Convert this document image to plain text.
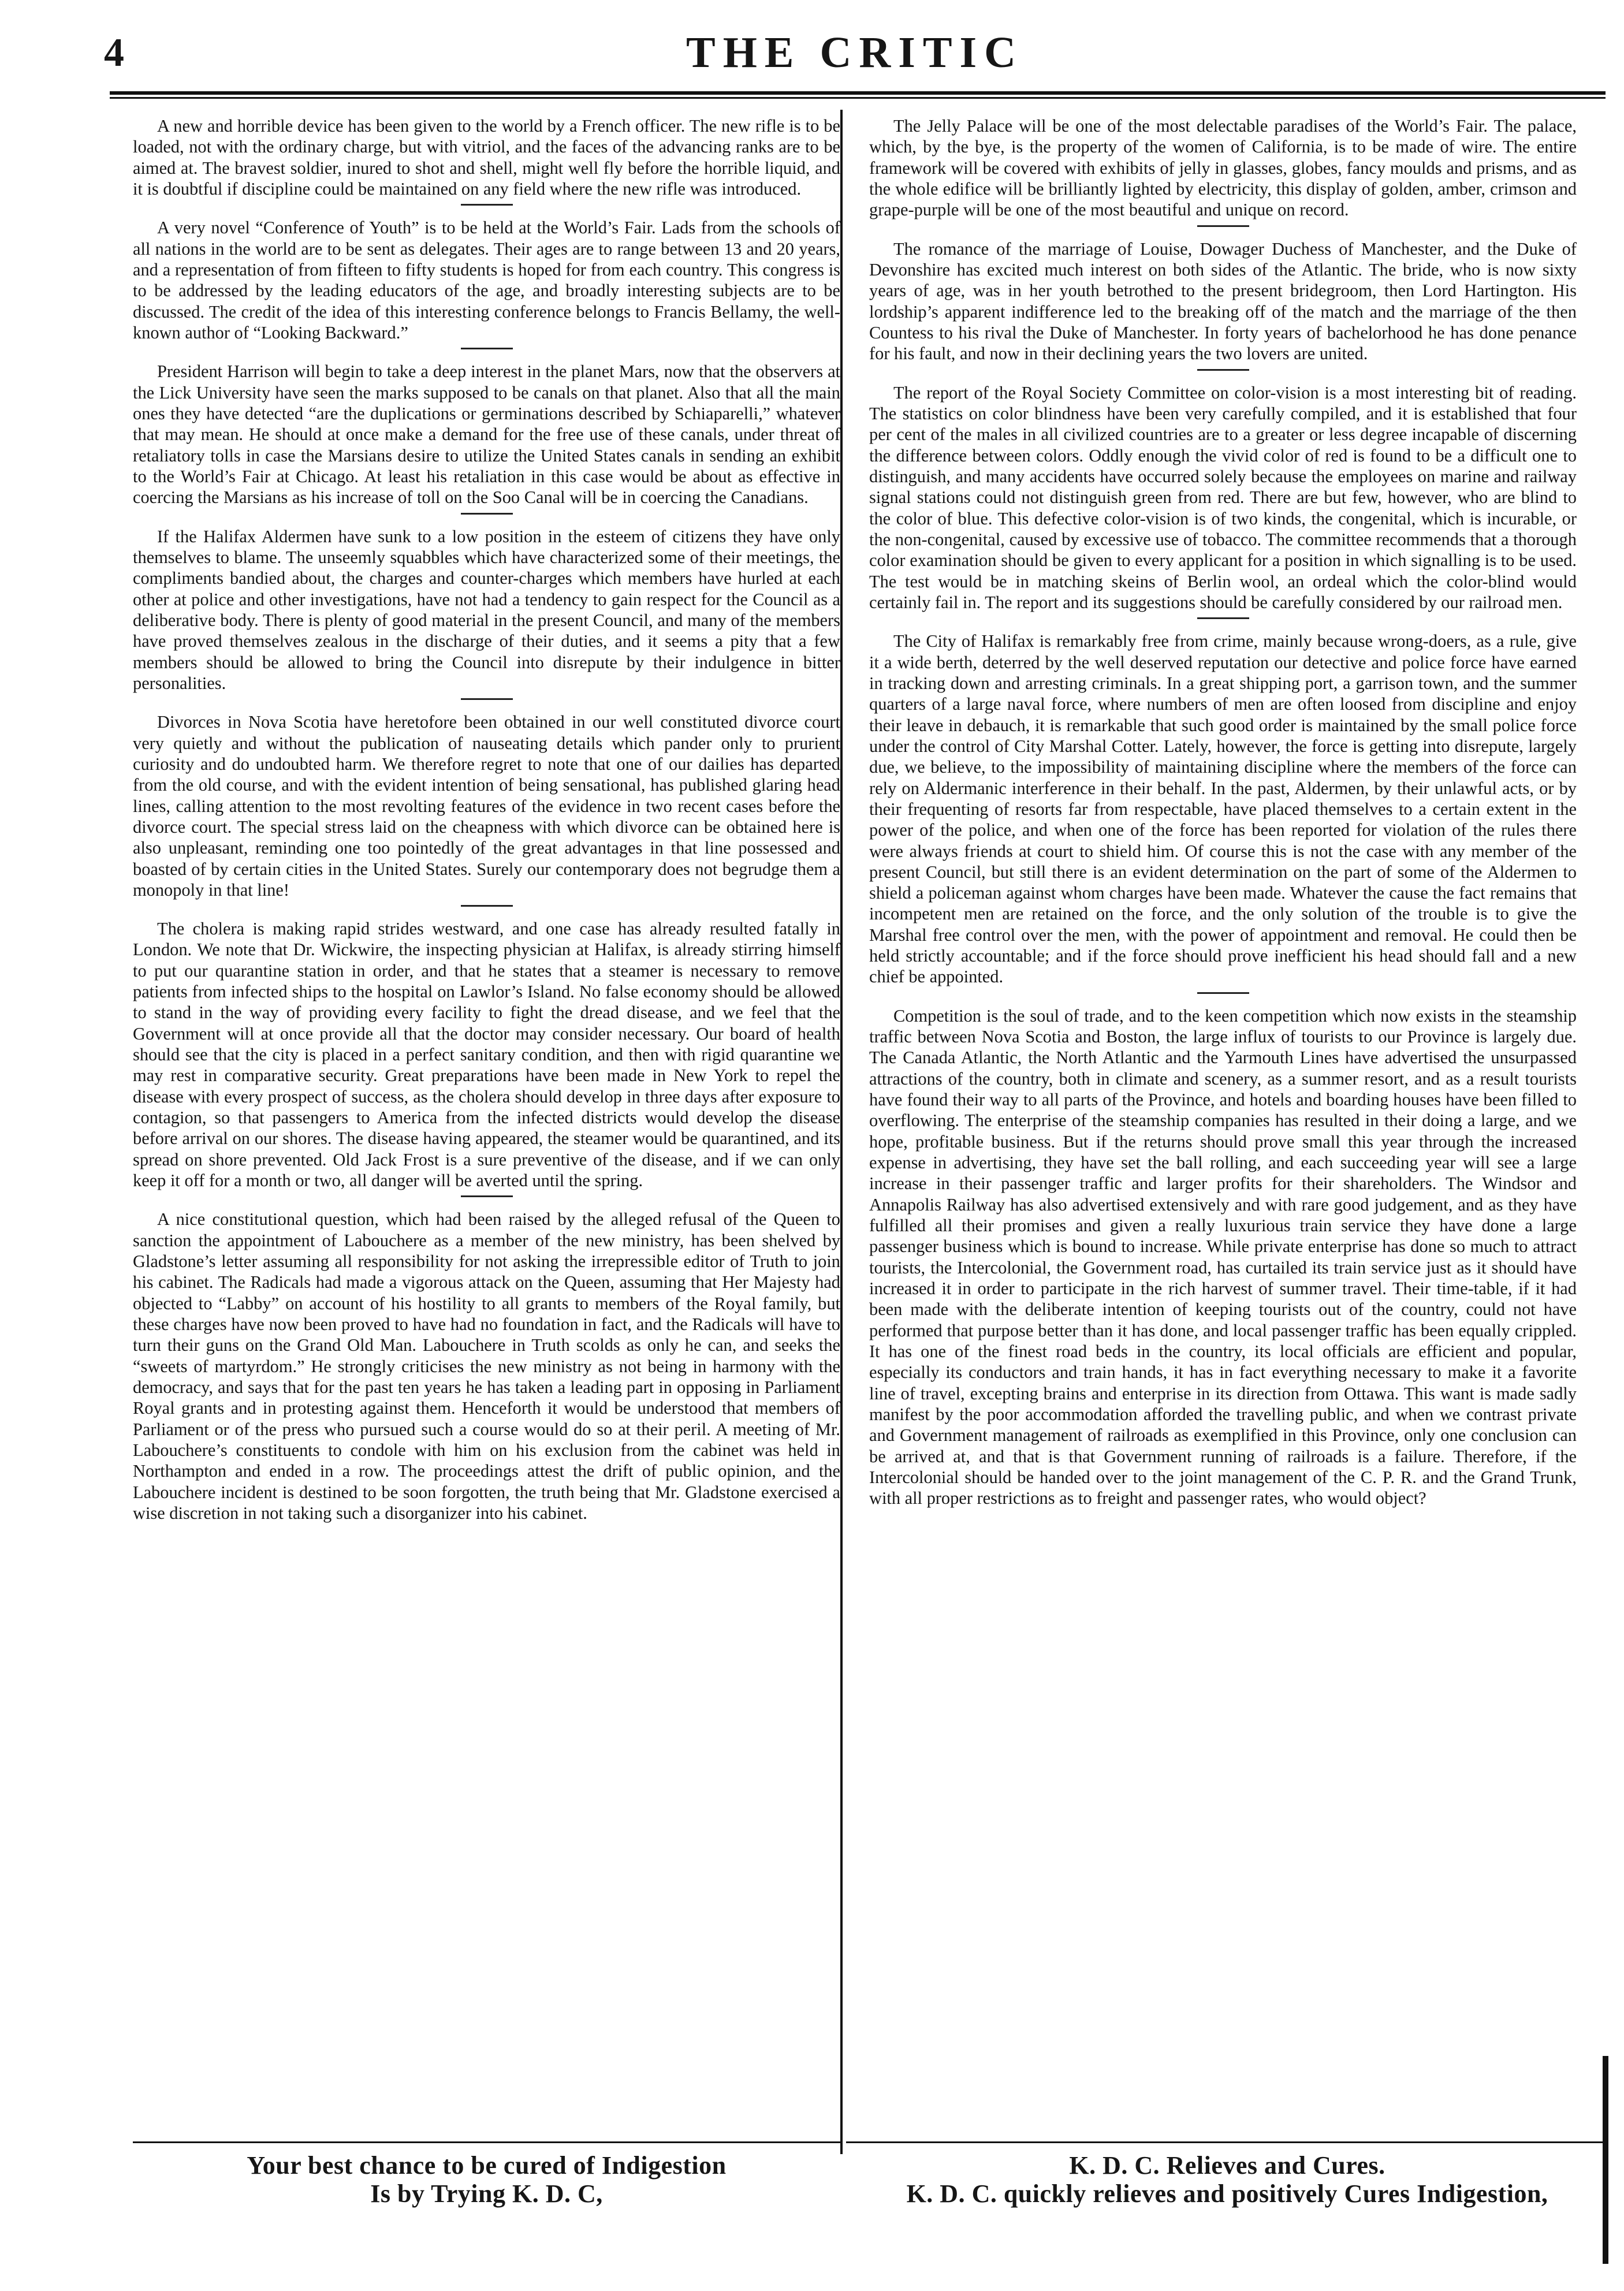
4	THE CRITIC

A new and horrible device has been given to the world by a French officer. The new rifle is to be loaded, not with the ordinary charge, but with vitriol, and the faces of the advancing ranks are to be aimed at. The bravest soldier, inured to shot and shell, might well fly before the horrible liquid, and it is doubtful if discipline could be maintained on any field where the new rifle was introduced.

A very novel “Conference of Youth” is to be held at the World’s Fair. Lads from the schools of all nations in the world are to be sent as delegates. Their ages are to range between 13 and 20 years, and a representation of from fifteen to fifty students is hoped for from each country. This congress is to be addressed by the leading educators of the age, and broadly interesting subjects are to be discussed. The credit of the idea of this interesting conference belongs to Francis Bellamy, the well-known author of “Looking Backward.”

President Harrison will begin to take a deep interest in the planet Mars, now that the observers at the Lick University have seen the marks supposed to be canals on that planet. Also that all the main ones they have detected “are the duplications or germinations described by Schiaparelli,” whatever that may mean. He should at once make a demand for the free use of these canals, under threat of retaliatory tolls in case the Marsians desire to utilize the United States canals in sending an exhibit to the World’s Fair at Chicago. At least his retaliation in this case would be about as effective in coercing the Marsians as his increase of toll on the Soo Canal will be in coercing the Canadians.

If the Halifax Aldermen have sunk to a low position in the esteem of citizens they have only themselves to blame. The unseemly squabbles which have characterized some of their meetings, the compliments bandied about, the charges and counter-charges which members have hurled at each other at police and other investigations, have not had a tendency to gain respect for the Council as a deliberative body. There is plenty of good material in the present Council, and many of the members have proved themselves zealous in the discharge of their duties, and it seems a pity that a few members should be allowed to bring the Council into disrepute by their indulgence in bitter personalities.

Divorces in Nova Scotia have heretofore been obtained in our well constituted divorce court very quietly and without the publication of nauseating details which pander only to prurient curiosity and do undoubted harm. We therefore regret to note that one of our dailies has departed from the old course, and with the evident intention of being sensational, has published glaring head lines, calling attention to the most revolting features of the evidence in two recent cases before the divorce court. The special stress laid on the cheapness with which divorce can be obtained here is also unpleasant, reminding one too pointedly of the great advantages in that line possessed and boasted of by certain cities in the United States. Surely our contemporary does not begrudge them a monopoly in that line!

The cholera is making rapid strides westward, and one case has already resulted fatally in London. We note that Dr. Wickwire, the inspecting physician at Halifax, is already stirring himself to put our quarantine station in order, and that he states that a steamer is necessary to remove patients from infected ships to the hospital on Lawlor’s Island. No false economy should be allowed to stand in the way of providing every facility to fight the dread disease, and we feel that the Government will at once provide all that the doctor may consider necessary. Our board of health should see that the city is placed in a perfect sanitary condition, and then with rigid quarantine we may rest in comparative security. Great preparations have been made in New York to repel the disease with every prospect of success, as the cholera should develop in three days after exposure to contagion, so that passengers to America from the infected districts would develop the disease before arrival on our shores. The disease having appeared, the steamer would be quarantined, and its spread on shore prevented. Old Jack Frost is a sure preventive of the disease, and if we can only keep it off for a month or two, all danger will be averted until the spring.

A nice constitutional question, which had been raised by the alleged refusal of the Queen to sanction the appointment of Labouchere as a member of the new ministry, has been shelved by Gladstone’s letter assuming all responsibility for not asking the irrepressible editor of Truth to join his cabinet. The Radicals had made a vigorous attack on the Queen, assuming that Her Majesty had objected to “Labby” on account of his hostility to all grants to members of the Royal family, but these charges have now been proved to have had no foundation in fact, and the Radicals will have to turn their guns on the Grand Old Man. Labouchere in Truth scolds as only he can, and seeks the “sweets of martyrdom.” He strongly criticises the new ministry as not being in harmony with the democracy, and says that for the past ten years he has taken a leading part in opposing in Parliament Royal grants and in protesting against them. Henceforth it would be understood that members of Parliament or of the press who pursued such a course would do so at their peril. A meeting of Mr. Labouchere’s constituents to condole with him on his exclusion from the cabinet was held in Northampton and ended in a row. The proceedings attest the drift of public opinion, and the Labouchere incident is destined to be soon forgotten, the truth being that Mr. Gladstone exercised a wise discretion in not taking such a disorganizer into his cabinet.

The Jelly Palace will be one of the most delectable paradises of the World’s Fair. The palace, which, by the bye, is the property of the women of California, is to be made of wire. The entire framework will be covered with exhibits of jelly in glasses, globes, fancy moulds and prisms, and as the whole edifice will be brilliantly lighted by electricity, this display of golden, amber, crimson and grape-purple will be one of the most beautiful and unique on record.

The romance of the marriage of Louise, Dowager Duchess of Manchester, and the Duke of Devonshire has excited much interest on both sides of the Atlantic. The bride, who is now sixty years of age, was in her youth betrothed to the present bridegroom, then Lord Hartington. His lordship’s apparent indifference led to the breaking off of the match and the marriage of the then Countess to his rival the Duke of Manchester. In forty years of bachelorhood he has done penance for his fault, and now in their declining years the two lovers are united.

The report of the Royal Society Committee on color-vision is a most interesting bit of reading. The statistics on color blindness have been very carefully compiled, and it is established that four per cent of the males in all civilized countries are to a greater or less degree incapable of discerning the difference between colors. Oddly enough the vivid color of red is found to be a difficult one to distinguish, and many accidents have occurred solely because the employees on marine and railway signal stations could not distinguish green from red. There are but few, however, who are blind to the color of blue. This defective color-vision is of two kinds, the congenital, which is incurable, or the non-congenital, caused by excessive use of tobacco. The committee recommends that a thorough color examination should be given to every applicant for a position in which signalling is to be used. The test would be in matching skeins of Berlin wool, an ordeal which the color-blind would certainly fail in. The report and its suggestions should be carefully considered by our railroad men.

The City of Halifax is remarkably free from crime, mainly because wrong-doers, as a rule, give it a wide berth, deterred by the well deserved reputation our detective and police force have earned in tracking down and arresting criminals. In a great shipping port, a garrison town, and the summer quarters of a large naval force, where numbers of men are often loosed from discipline and enjoy their leave in debauch, it is remarkable that such good order is maintained by the small police force under the control of City Marshal Cotter. Lately, however, the force is getting into disrepute, largely due, we believe, to the impossibility of maintaining discipline where the members of the force can rely on Aldermanic interference in their behalf. In the past, Aldermen, by their unlawful acts, or by their frequenting of resorts far from respectable, have placed themselves to a certain extent in the power of the police, and when one of the force has been reported for violation of the rules there were always friends at court to shield him. Of course this is not the case with any member of the present Council, but still there is an evident determination on the part of some of the Aldermen to shield a policeman against whom charges have been made. Whatever the cause the fact remains that incompetent men are retained on the force, and the only solution of the trouble is to give the Marshal free control over the men, with the power of appointment and removal. He could then be held strictly accountable; and if the force should prove inefficient his head should fall and a new chief be appointed.

Competition is the soul of trade, and to the keen competition which now exists in the steamship traffic between Nova Scotia and Boston, the large influx of tourists to our Province is largely due. The Canada Atlantic, the North Atlantic and the Yarmouth Lines have advertised the unsurpassed attractions of the country, both in climate and scenery, as a summer resort, and as a result tourists have found their way to all parts of the Province, and hotels and boarding houses have been filled to overflowing. The enterprise of the steamship companies has resulted in their doing a large, and we hope, profitable business. But if the returns should prove small this year through the increased expense in advertising, they have set the ball rolling, and each succeeding year will see a large increase in their passenger traffic and larger profits for their shareholders. The Windsor and Annapolis Railway has also advertised extensively and with rare good judgement, and as they have fulfilled all their promises and given a really luxurious train service they have done a large passenger business which is bound to increase. While private enterprise has done so much to attract tourists, the Intercolonial, the Government road, has curtailed its train service just as it should have increased it in order to participate in the rich harvest of summer travel. Their time-table, if it had been made with the deliberate intention of keeping tourists out of the country, could not have performed that purpose better than it has done, and local passenger traffic has been equally crippled. It has one of the finest road beds in the country, its local officials are efficient and popular, especially its conductors and train hands, it has in fact everything necessary to make it a favorite line of travel, excepting brains and enterprise in its direction from Ottawa. This want is made sadly manifest by the poor accommodation afforded the travelling public, and when we contrast private and Government management of railroads as exemplified in this Province, only one conclusion can be arrived at, and that is that Government running of railroads is a failure. Therefore, if the Intercolonial should be handed over to the joint management of the C. P. R. and the Grand Trunk, with all proper restrictions as to freight and passenger rates, who would object?

Your best chance to be cured of Indigestion
Is by Trying K. D. C,
K. D. C. Relieves and Cures.
K. D. C. quickly relieves and positively Cures Indigestion,
